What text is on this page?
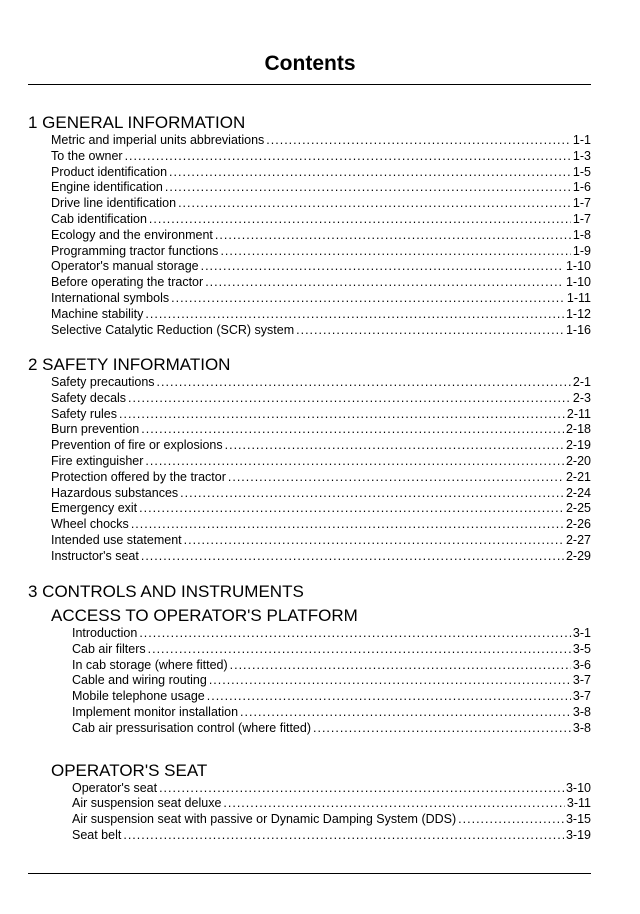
Contents
1 GENERAL INFORMATION
Metric and imperial units abbreviations .....	1-1
To the owner .....	1-3
Product identification .....	1-5
Engine identification .....	1-6
Drive line identification .....	1-7
Cab identification .....	1-7
Ecology and the environment .....	1-8
Programming tractor functions .....	1-9
Operator's manual storage .....	1-10
Before operating the tractor .....	1-10
International symbols .....	1-11
Machine stability .....	1-12
Selective Catalytic Reduction (SCR) system .....	1-16
2 SAFETY INFORMATION
Safety precautions .....	2-1
Safety decals .....	2-3
Safety rules .....	2-11
Burn prevention .....	2-18
Prevention of fire or explosions .....	2-19
Fire extinguisher .....	2-20
Protection offered by the tractor .....	2-21
Hazardous substances .....	2-24
Emergency exit .....	2-25
Wheel chocks .....	2-26
Intended use statement .....	2-27
Instructor's seat .....	2-29
3 CONTROLS AND INSTRUMENTS
ACCESS TO OPERATOR'S PLATFORM
Introduction .....	3-1
Cab air filters .....	3-5
In cab storage (where fitted) .....	3-6
Cable and wiring routing .....	3-7
Mobile telephone usage .....	3-7
Implement monitor installation .....	3-8
Cab air pressurisation control (where fitted) .....	3-8
OPERATOR'S SEAT
Operator's seat .....	3-10
Air suspension seat deluxe .....	3-11
Air suspension seat with passive or Dynamic Damping System (DDS) .....	3-15
Seat belt .....	3-19
